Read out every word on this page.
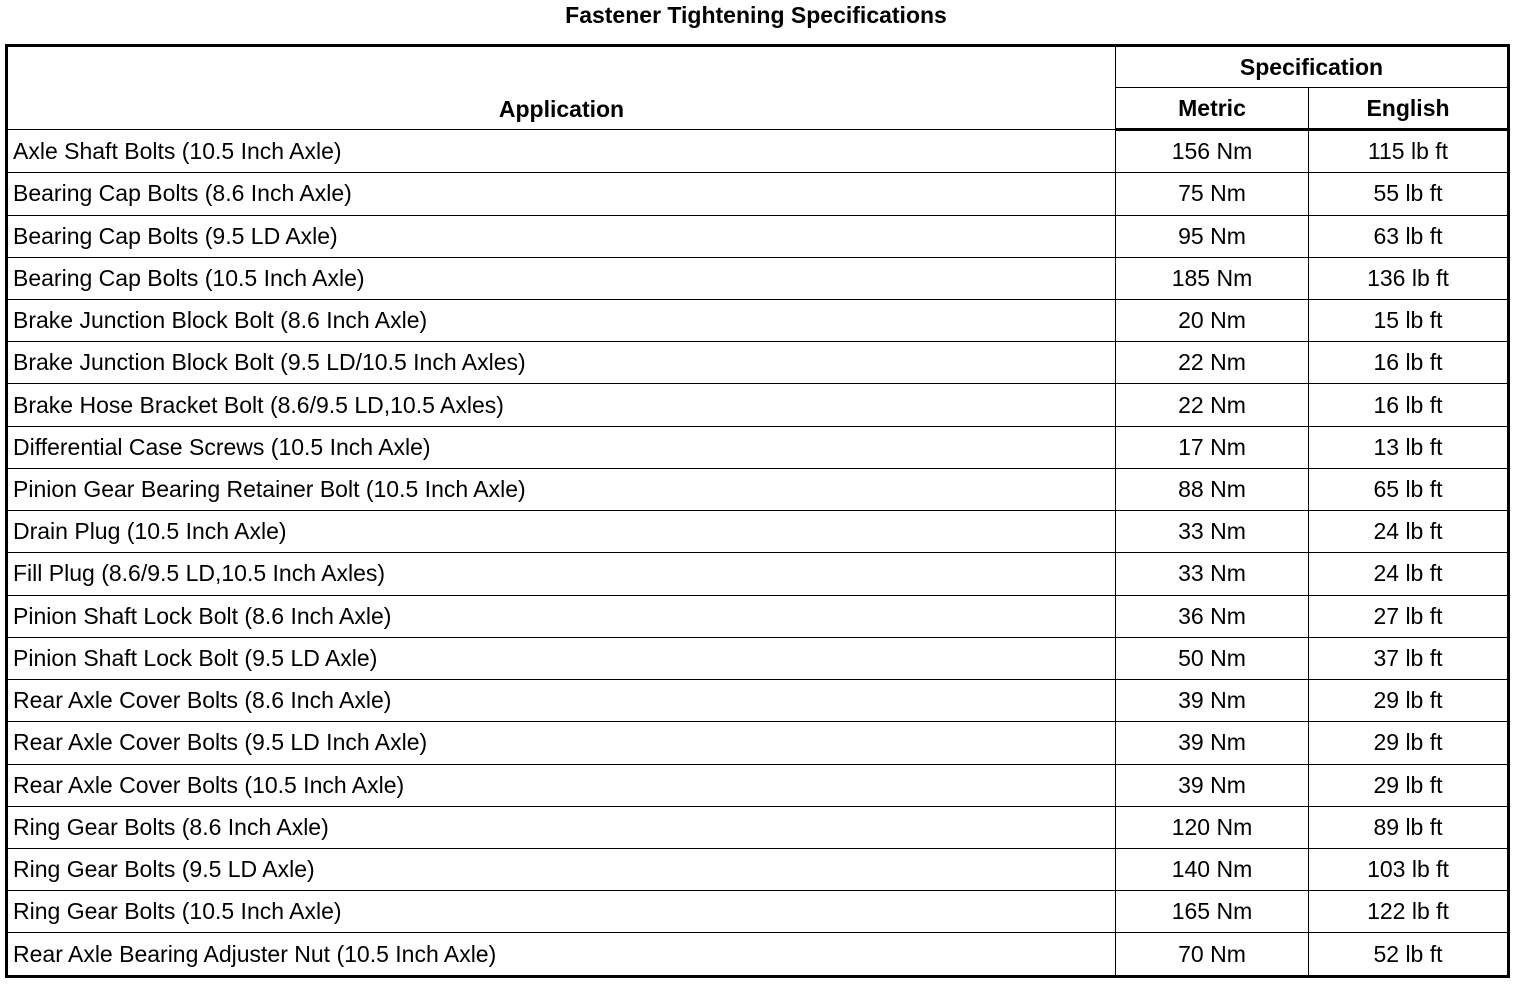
Fastener Tightening Specifications
Application	Specification	
	Metric	English
Axle Shaft Bolts (10.5 Inch Axle)	156 Nm	115 lb ft
Bearing Cap Bolts (8.6 Inch Axle)	75 Nm	55 lb ft
Bearing Cap Bolts (9.5 LD Axle)	95 Nm	63 lb ft
Bearing Cap Bolts (10.5 Inch Axle)	185 Nm	136 lb ft
Brake Junction Block Bolt (8.6 Inch Axle)	20 Nm	15 lb ft
Brake Junction Block Bolt (9.5 LD/10.5 Inch Axles)	22 Nm	16 lb ft
Brake Hose Bracket Bolt (8.6/9.5 LD,10.5 Axles)	22 Nm	16 lb ft
Differential Case Screws (10.5 Inch Axle)	17 Nm	13 lb ft
Pinion Gear Bearing Retainer Bolt (10.5 Inch Axle)	88 Nm	65 lb ft
Drain Plug (10.5 Inch Axle)	33 Nm	24 lb ft
Fill Plug (8.6/9.5 LD,10.5 Inch Axles)	33 Nm	24 lb ft
Pinion Shaft Lock Bolt (8.6 Inch Axle)	36 Nm	27 lb ft
Pinion Shaft Lock Bolt (9.5 LD Axle)	50 Nm	37 lb ft
Rear Axle Cover Bolts (8.6 Inch Axle)	39 Nm	29 lb ft
Rear Axle Cover Bolts (9.5 LD Inch Axle)	39 Nm	29 lb ft
Rear Axle Cover Bolts (10.5 Inch Axle)	39 Nm	29 lb ft
Ring Gear Bolts (8.6 Inch Axle)	120 Nm	89 lb ft
Ring Gear Bolts (9.5 LD Axle)	140 Nm	103 lb ft
Ring Gear Bolts (10.5 Inch Axle)	165 Nm	122 lb ft
Rear Axle Bearing Adjuster Nut (10.5 Inch Axle)	70 Nm	52 lb ft
